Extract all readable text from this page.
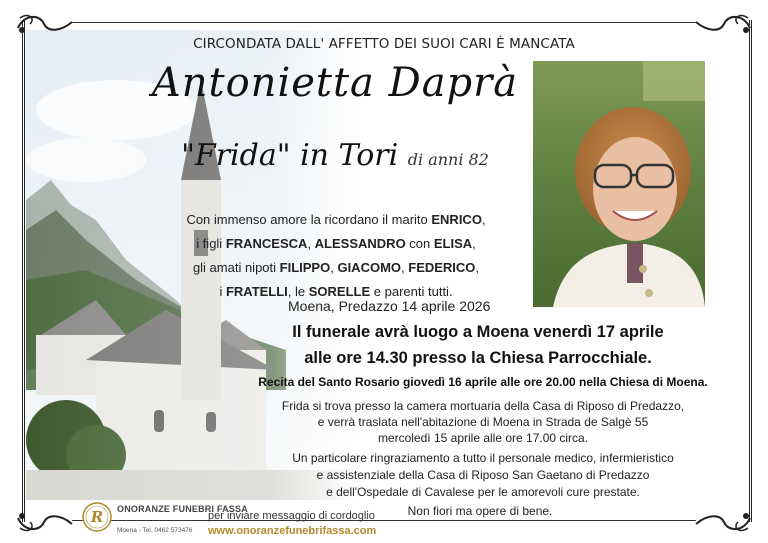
CIRCONDATA DALL' AFFETTO DEI SUOI CARI È MANCATA
Antonietta Daprà
"Frida" in Tori di anni 82
Con immenso amore la ricordano il marito ENRICO,
i figli FRANCESCA, ALESSANDRO con ELISA,
gli amati nipoti FILIPPO, GIACOMO, FEDERICO,
i FRATELLI, le SORELLE e parenti tutti.
Moena, Predazzo 14 aprile 2026
Il funerale avrà luogo a Moena venerdì 17 aprile
alle ore 14.30 presso la Chiesa Parrocchiale.
Recita del Santo Rosario giovedì 16 aprile alle ore 20.00 nella Chiesa di Moena.
Frida si trova presso la camera mortuaria della Casa di Riposo di Predazzo,
e verrà traslata nell'abitazione di Moena in Strada de Salgè 55
mercoledì 15 aprile alle ore 17.00 circa.
Un particolare ringraziamento a tutto il personale medico, infermieristico
e assistenziale della Casa di Riposo San Gaetano di Predazzo
e dell'Ospedale di Cavalese per le amorevoli cure prestate.
Non fiori ma opere di bene.
R	ONORANZE FUNEBRI FASSA
Moena - Tel. 0462 573476
per inviare messaggio di cordoglio
www.onoranzefunebrifassa.com
